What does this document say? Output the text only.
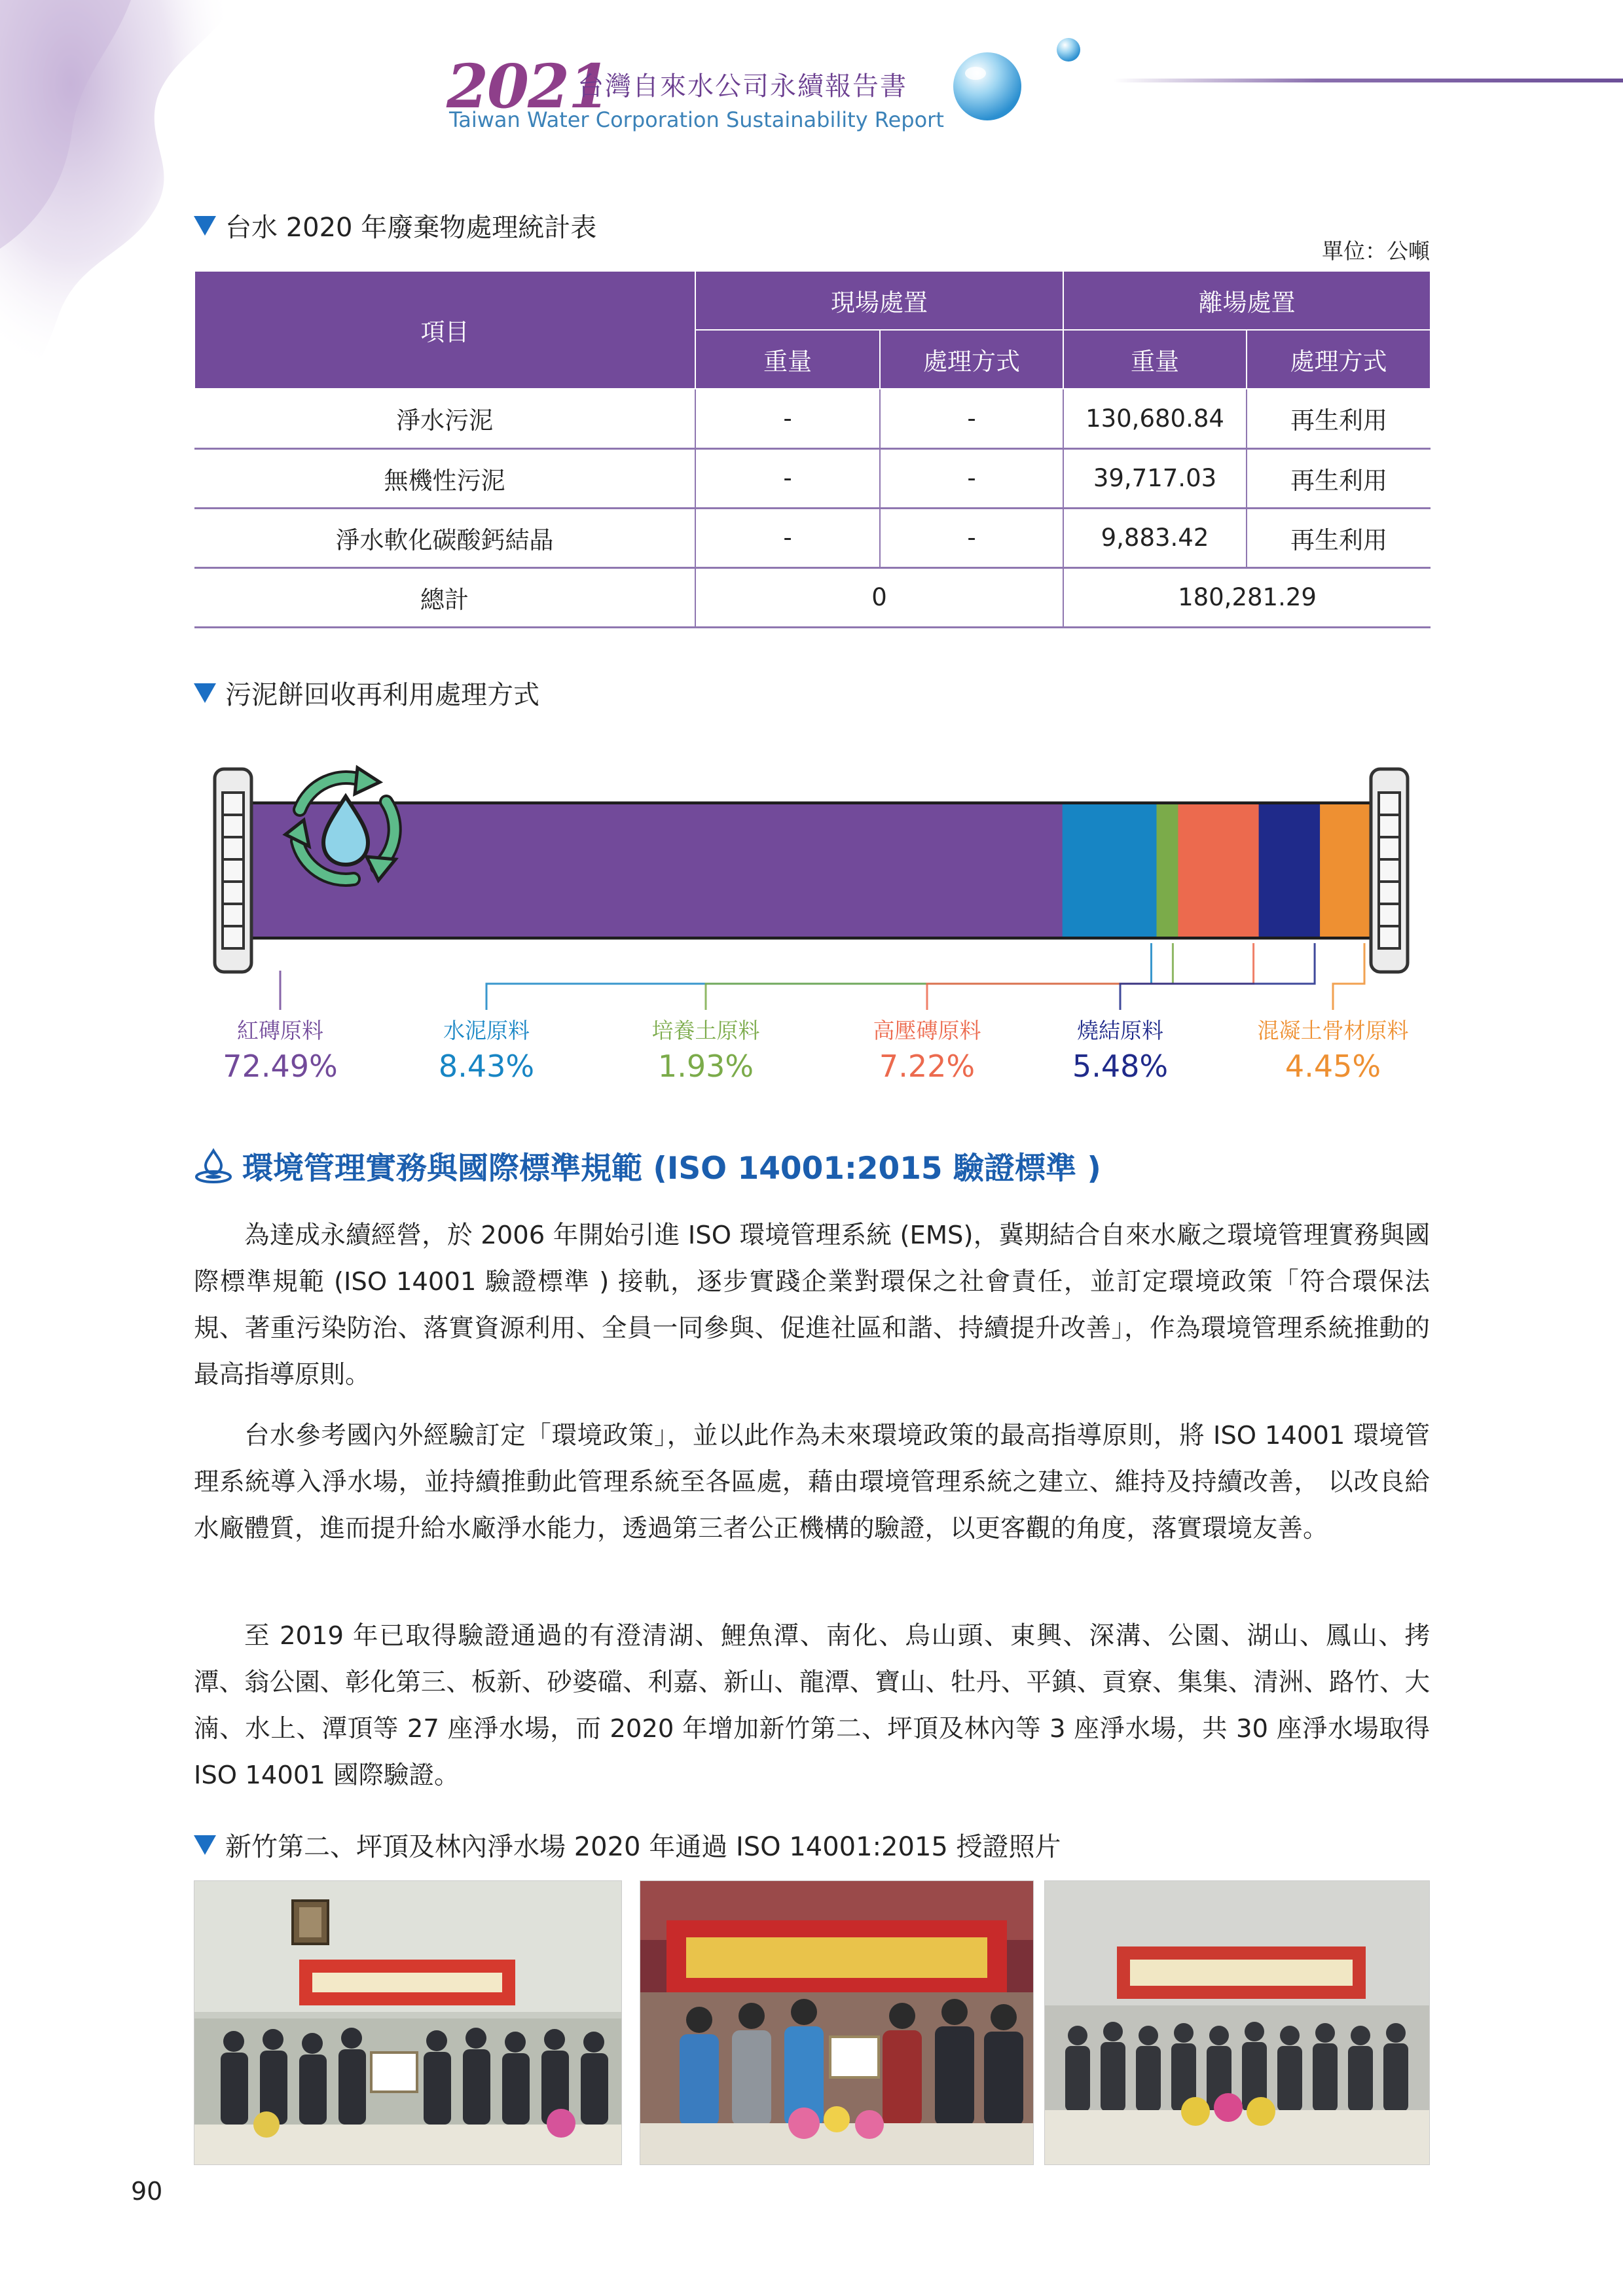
2021
台灣自來水公司永續報告書
Taiwan Water Corporation Sustainability Report
台水 2020 年廢棄物處理統計表
單位：公噸
項目	現場處置		離場處置	
	重量	處理方式	重量	處理方式
淨水污泥	-	-	130,680.84	再生利用
無機性污泥	-	-	39,717.03	再生利用
淨水軟化碳酸鈣結晶	-	-	9,883.42	再生利用
總計	0		180,281.29	
污泥餅回收再利用處理方式
紅磚原料
72.49%
水泥原料
8.43%
培養土原料
1.93%
高壓磚原料
7.22%
燒結原料
5.48%
混凝土骨材原料
4.45%
環境管理實務與國際標準規範 (ISO 14001:2015 驗證標準 )

為達成永續經營，於 2006 年開始引進 ISO 環境管理系統 (EMS)，冀期結合自來水廠之環境管理實務與國際標準規範 (ISO 14001 驗證標準 ) 接軌，逐步實踐企業對環保之社會責任，並訂定環境政策「符合環保法規、著重污染防治、落實資源利用、全員一同參與、促進社區和諧、持續提升改善」，作為環境管理系統推動的最高指導原則。

台水參考國內外經驗訂定「環境政策」，並以此作為未來環境政策的最高指導原則，將 ISO 14001 環境管理系統導入淨水場，並持續推動此管理系統至各區處，藉由環境管理系統之建立、維持及持續改善， 以改良給水廠體質，進而提升給水廠淨水能力，透過第三者公正機構的驗證，以更客觀的角度，落實環境友善。

至 2019 年已取得驗證通過的有澄清湖、鯉魚潭、南化、烏山頭、東興、深溝、公園、湖山、鳳山、拷潭、翁公園、彰化第三、板新、砂婆礑、利嘉、新山、龍潭、寶山、牡丹、平鎮、貢寮、集集、清洲、路竹、大湳、水上、潭頂等 27 座淨水場，而 2020 年增加新竹第二、坪頂及林內等 3 座淨水場，共 30 座淨水場取得 ISO 14001 國際驗證。

新竹第二、坪頂及林內淨水場 2020 年通過 ISO 14001:2015 授證照片
90
